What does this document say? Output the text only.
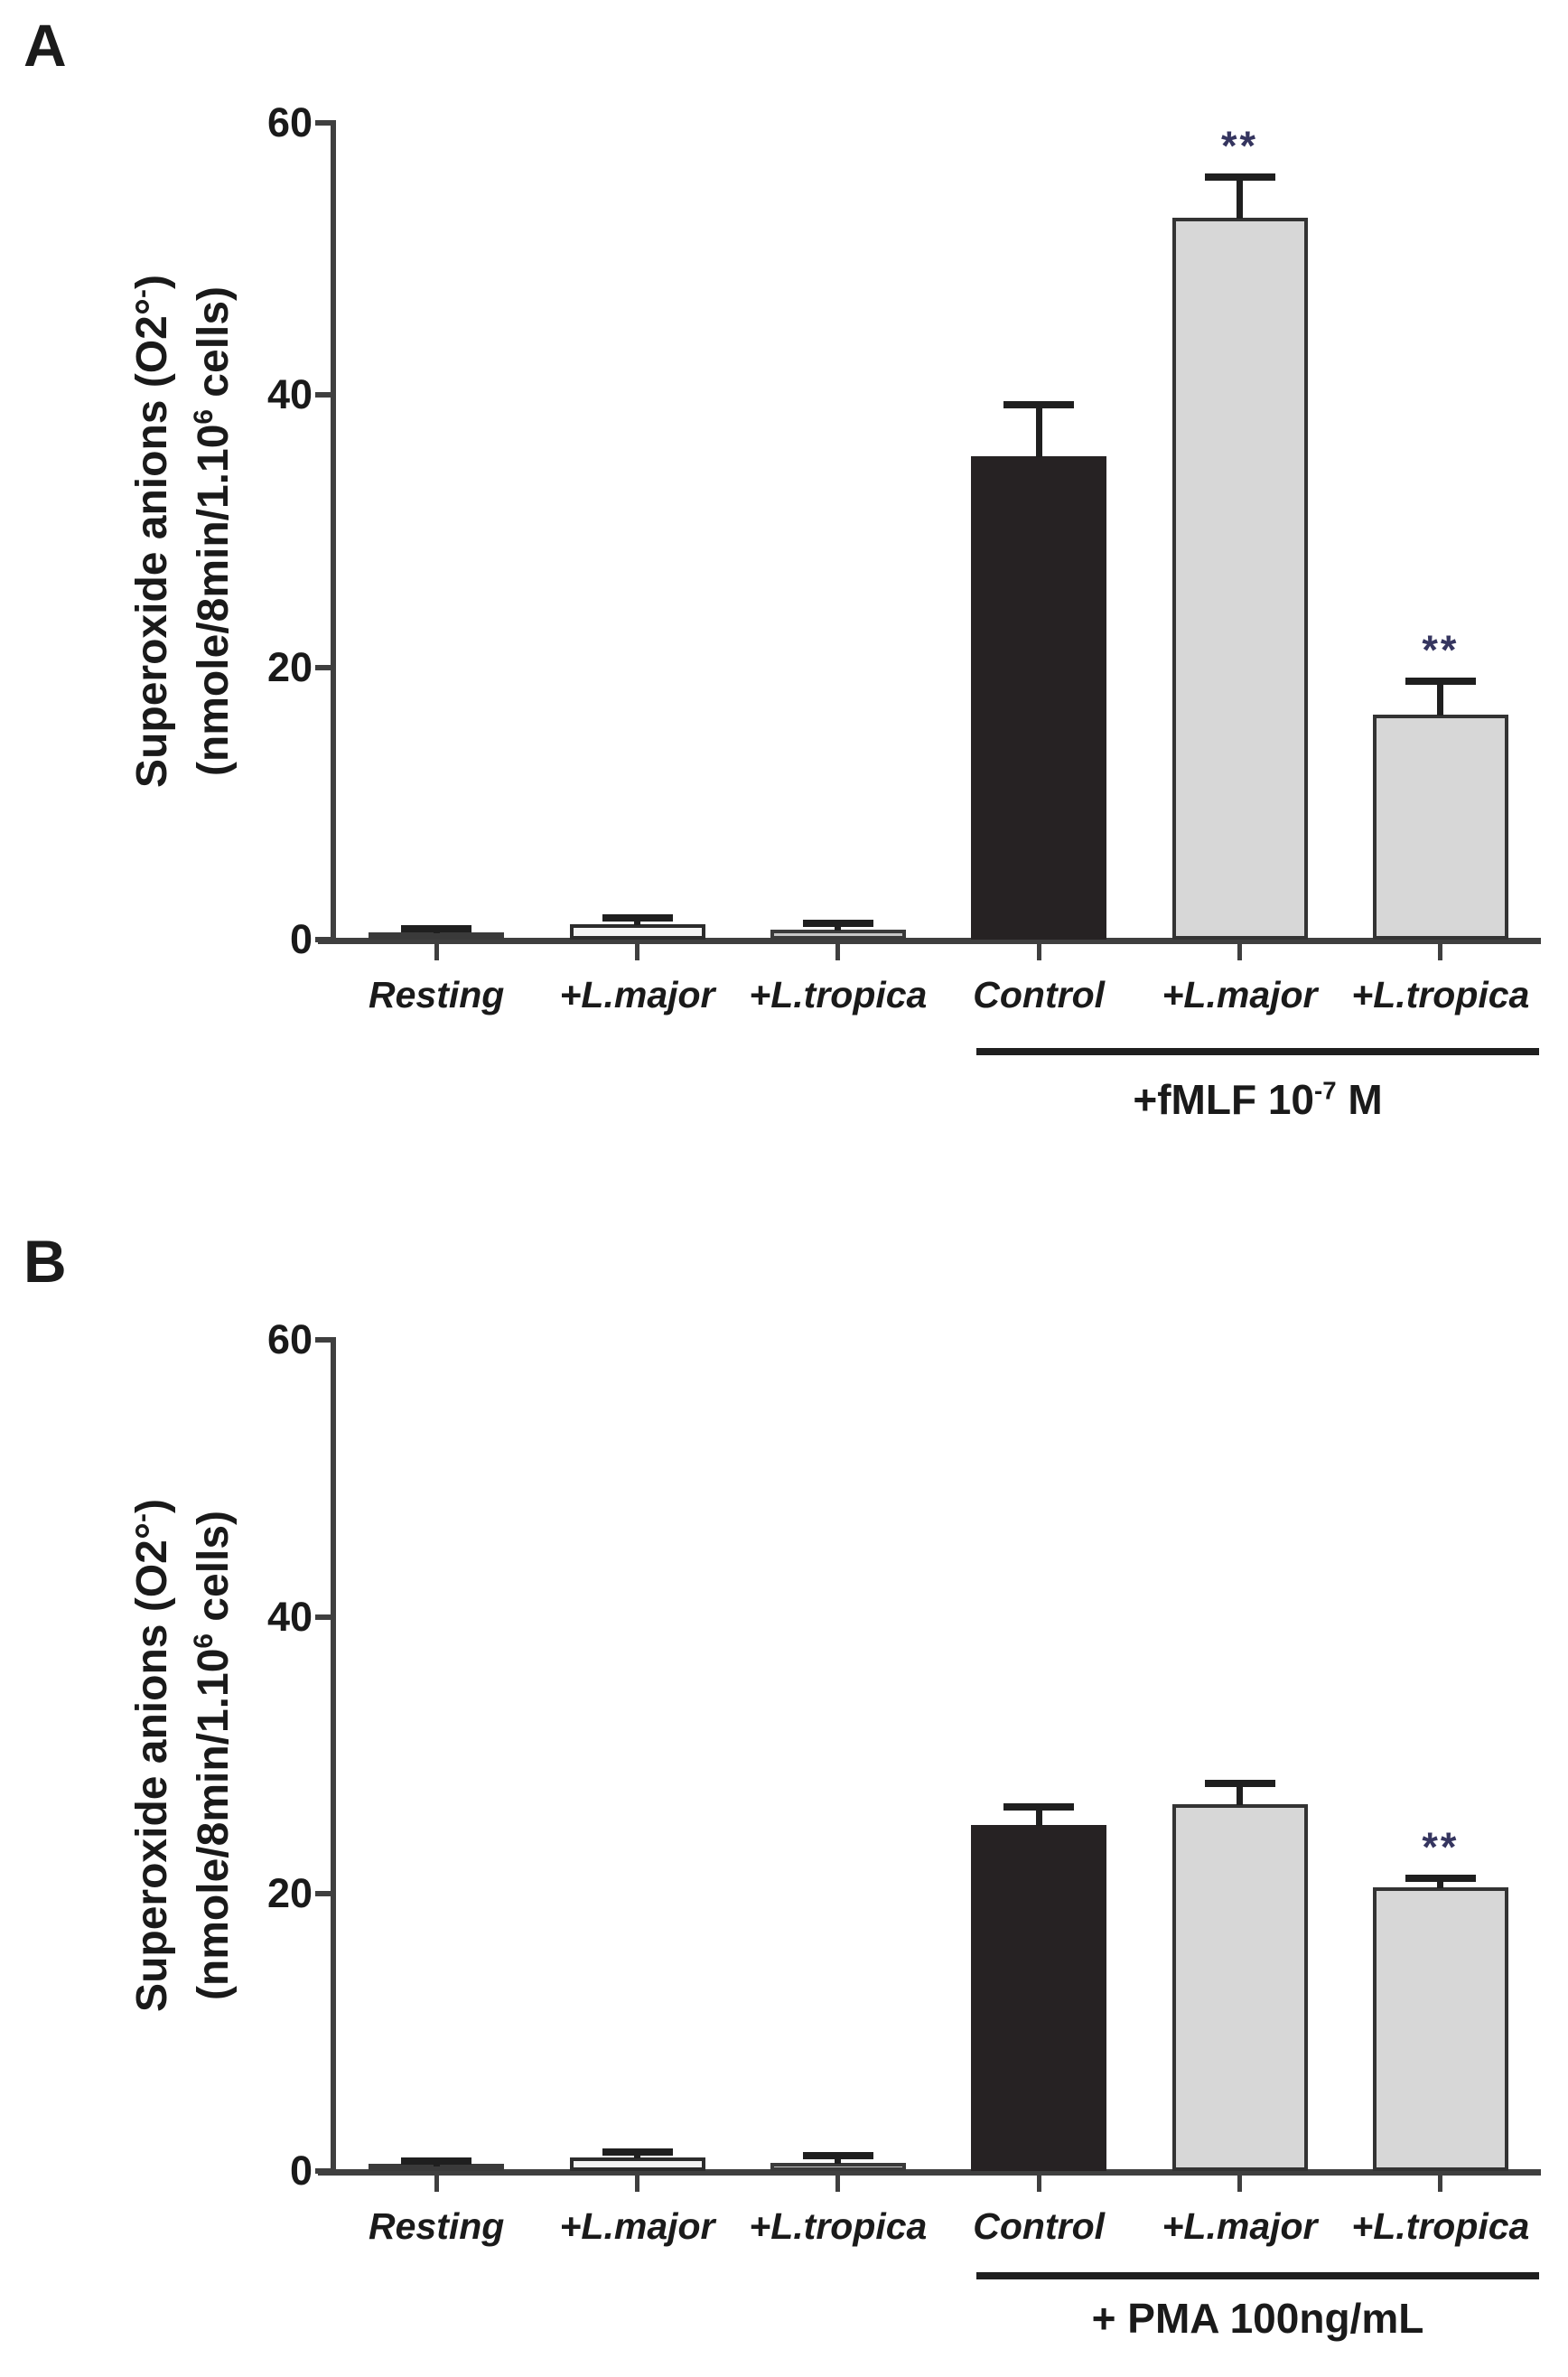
A
Superoxide anions (O2°-)
(nmole/8min/1.10$^6$ cells)
0
20
40
60
**
**
Resting	+L.major +L.tropica	Control	+L.major +L.tropica
+fMLF $10^{-7}$ M
B
Superoxide anions (O2°-)
(nmole/8min/1.10$^6$ cells)
0
20
40
60
**
Resting	+L.major +L.tropica	Control	+L.major +L.tropica
+ PMA 100ng/mL
